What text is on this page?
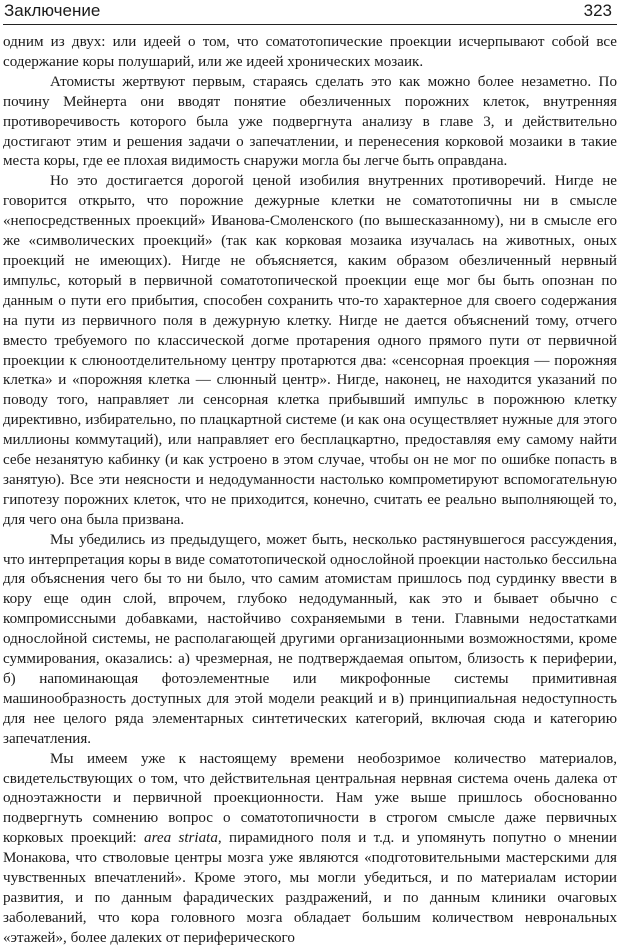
Заключение	323

одним из двух: или идеей о том, что соматотопические проекции исчерпывают собой все содержание коры полушарий, или же идеей хронических мозаик.

Атомисты жертвуют первым, стараясь сделать это как можно более незаметно. По почину Мейнерта они вводят понятие обезличенных порожних клеток, внутренняя противоречивость которого была уже подвергнута анализу в главе 3, и действительно достигают этим и решения задачи о запечатлении, и перенесения корковой мозаики в такие места коры, где ее плохая видимость снаружи могла бы легче быть оправдана.

Но это достигается дорогой ценой изобилия внутренних противоречий. Нигде не говорится открыто, что порожние дежурные клетки не соматотопичны ни в смысле «непосредственных проекций» Иванова-Смоленского (по вышесказанному), ни в смысле его же «символических проекций» (так как корковая мозаика изучалась на животных, оных проекций не имеющих). Нигде не объясняется, каким образом обезличенный нервный импульс, который в первичной соматотопической проекции еще мог бы быть опознан по данным о пути его прибытия, способен сохранить что-то характерное для своего содержания на пути из первичного поля в дежурную клетку. Нигде не дается объяснений тому, отчего вместо требуемого по классической догме протарения одного прямого пути от первичной проекции к слюноотделительному центру протарются два: «сенсорная проекция — порожняя клетка» и «порожняя клетка — слюнный центр». Нигде, наконец, не находится указаний по поводу того, направляет ли сенсорная клетка прибывший импульс в порожнюю клетку директивно, избирательно, по плацкартной системе (и как она осуществляет нужные для этого миллионы коммутаций), или направляет его бесплацкартно, предоставляя ему самому найти себе незанятую кабинку (и как устроено в этом случае, чтобы он не мог по ошибке попасть в занятую). Все эти неясности и недодуманности настолько компрометируют вспомогательную гипотезу порожних клеток, что не приходится, конечно, считать ее реально выполняющей то, для чего она была призвана.

Мы убедились из предыдущего, может быть, несколько растянувшегося рассуждения, что интерпретация коры в виде соматотопической однослойной проекции настолько бессильна для объяснения чего бы то ни было, что самим атомистам пришлось под сурдинку ввести в кору еще один слой, впрочем, глубоко недодуманный, как это и бывает обычно с компромиссными добавками, настойчиво сохраняемыми в тени. Главными недостатками однослойной системы, не располагающей другими организационными возможностями, кроме суммирования, оказались: а) чрезмерная, не подтверждаемая опытом, близость к периферии, б) напоминающая фотоэлементные или микрофонные системы примитивная машинообразность доступных для этой модели реакций и в) принципиальная недоступность для нее целого ряда элементарных синтетических категорий, включая сюда и категорию запечатления.

Мы имеем уже к настоящему времени необозримое количество материалов, свидетельствующих о том, что действительная центральная нервная система очень далека от одноэтажности и первичной проекционности. Нам уже выше пришлось обоснованно подвергнуть сомнению вопрос о соматотопичности в строгом смысле даже первичных корковых проекций: area striata, пирамидного поля и т.д. и упомянуть попутно о мнении Монакова, что стволовые центры мозга уже являются «подготовительными мастерскими для чувственных впечатлений». Кроме этого, мы могли убедиться, и по материалам истории развития, и по данным фарадических раздражений, и по данным клиники очаговых заболеваний, что кора головного мозга обладает большим количеством неврональных «этажей», более далеких от периферического
